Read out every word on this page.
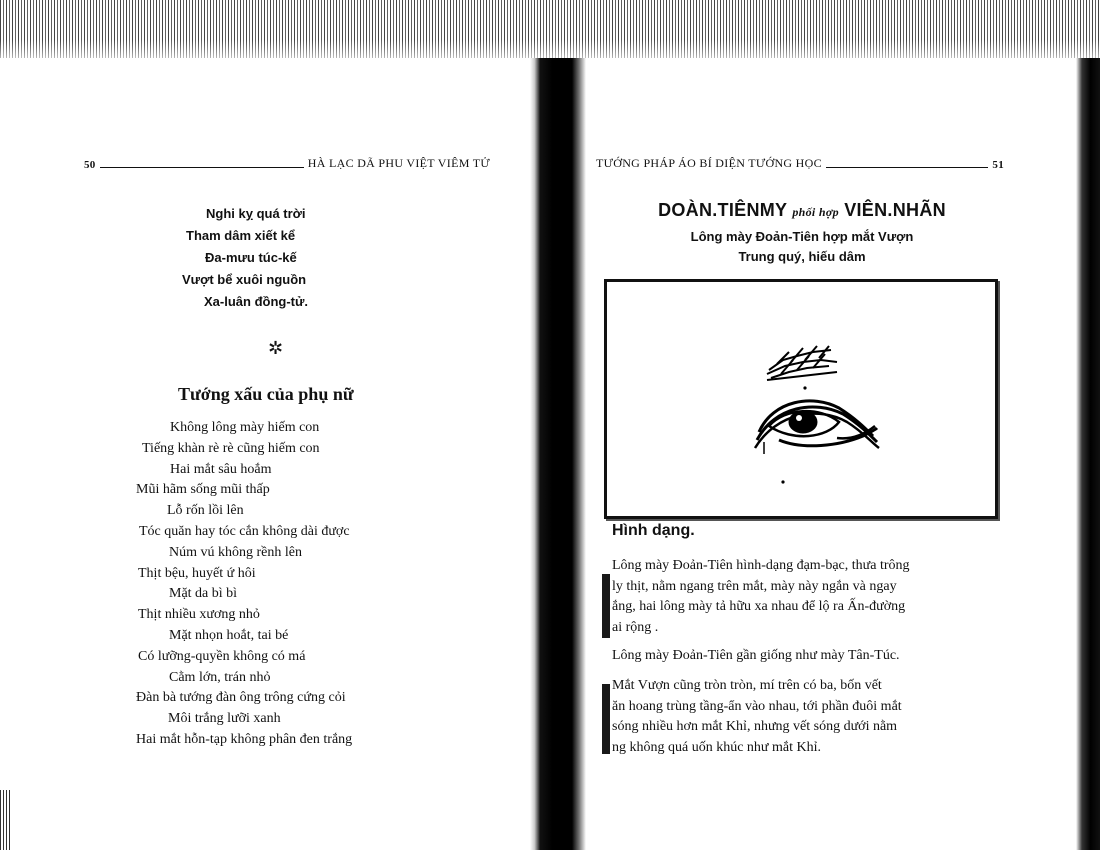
50	HÀ LẠC DÃ PHU VIỆT VIÊM TỬ
Nghi kỵ quá trời
Tham dâm xiết kể
Đa-mưu túc-kế
Vượt bể xuôi nguồn
Xa-luân đồng-tử.
✲
Tướng xấu của phụ nữ
Không lông mày hiếm con
Tiếng khàn rè rè cũng hiếm con
Hai mắt sâu hoắm
Mũi hãm sống mũi thấp
Lỗ rốn lồi lên
Tóc quăn hay tóc cắn không dài được
Núm vú không rềnh lên
Thịt bệu, huyết ứ hôi
Mặt da bì bì
Thịt nhiều xương nhỏ
Mặt nhọn hoắt, tai bé
Có lưỡng-quyền không có má
Cằm lớn, trán nhỏ
Đàn bà tướng đàn ông trông cứng cỏi
Môi trắng lưỡi xanh
Hai mắt hỗn-tạp không phân đen trắng
TƯỚNG PHÁP ÁO BÍ DIỆN TƯỚNG HỌC	51
DOÀN.TIÊNMY phối hợp VIÊN.NHÃN
Lông mày Đoản-Tiên hợp mắt Vượn
Trung quý, hiếu dâm
Hình dạng.
Lông mày Đoản-Tiên hình-dạng đạm-bạc, thưa trông
ly thịt, nằm ngang trên mắt, mày này ngắn và ngay
ắng, hai lông mày tả hữu xa nhau để lộ ra Ấn-đường
ai rộng .
Lông mày Đoản-Tiên gần giống như mày Tân-Túc.
Mắt Vượn cũng tròn tròn, mí trên có ba, bốn vết
ăn hoang trùng tầng-ẩn vào nhau, tới phần đuôi mắt
sóng nhiều hơn mắt Khỉ, nhưng vết sóng dưới nằm
ng không quá uốn khúc như mắt Khỉ.
